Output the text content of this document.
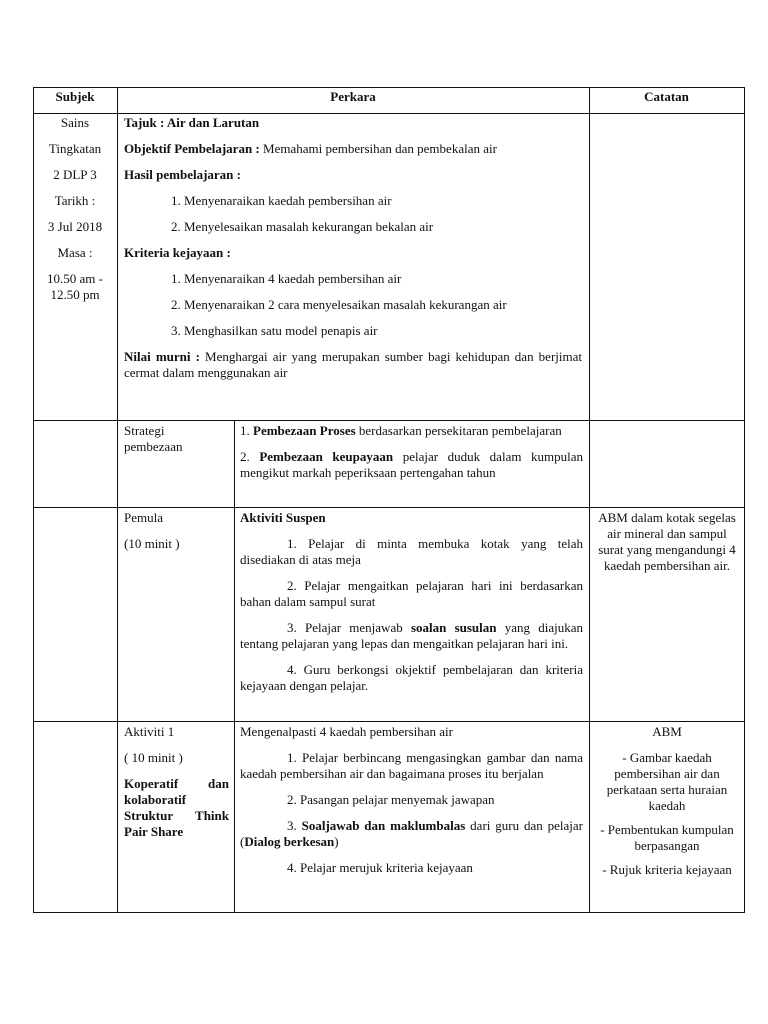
Subjek	Perkara	Catatan

Sains

Tingkatan

2 DLP 3

Tarikh :

3 Jul 2018

Masa :

10.50 am -

12.50 pm

Tajuk : Air dan Larutan

Objektif Pembelajaran : Memahami pembersihan dan pembekalan air

Hasil pembelajaran :

1. Menyenaraikan kaedah pembersihan air

2. Menyelesaikan masalah kekurangan bekalan air

Kriteria kejayaan :

1. Menyenaraikan 4 kaedah pembersihan air

2. Menyenaraikan 2 cara menyelesaikan masalah kekurangan air

3. Menghasilkan satu model penapis air

Nilai murni : Menghargai air yang merupakan sumber bagi kehidupan dan berjimat cermat dalam menggunakan air

Strategi pembezaan

1. Pembezaan Proses berdasarkan persekitaran pembelajaran

2. Pembezaan keupayaan pelajar duduk dalam kumpulan mengikut markah peperiksaan pertengahan tahun

Pemula

(10 minit )

Aktiviti Suspen

1. Pelajar di minta membuka kotak yang telah disediakan di atas meja

2. Pelajar mengaitkan pelajaran hari ini berdasarkan bahan dalam sampul surat

3. Pelajar menjawab soalan susulan yang diajukan tentang pelajaran yang lepas dan mengaitkan pelajaran hari ini.

4. Guru berkongsi okjektif pembelajaran dan kriteria kejayaan dengan pelajar.

ABM dalam kotak segelas air mineral dan sampul surat yang mengandungi 4 kaedah pembersihan air.

Aktiviti 1

( 10 minit )

Koperatif dan kolaboratif Struktur Think Pair Share

Mengenalpasti 4 kaedah pembersihan air

1. Pelajar berbincang mengasingkan gambar dan nama kaedah pembersihan air dan bagaimana proses itu berjalan

2. Pasangan pelajar menyemak jawapan

3. Soaljawab dan maklumbalas dari guru dan pelajar (Dialog berkesan)

4. Pelajar merujuk kriteria kejayaan

ABM

- Gambar kaedah pembersihan air dan perkataan serta huraian kaedah

- Pembentukan kumpulan berpasangan

- Rujuk kriteria kejayaan
